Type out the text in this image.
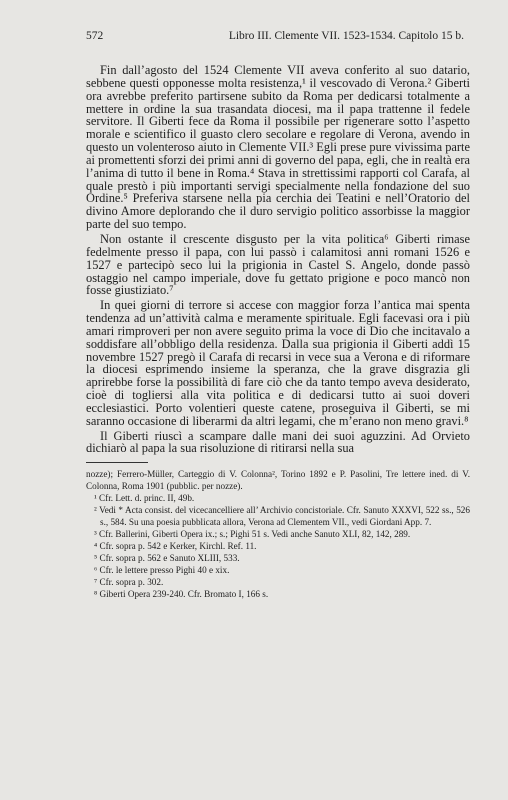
572	Libro III. Clemente VII. 1523-1534. Capitolo 15 b.

Fin dall’agosto del 1524 Clemente VII aveva conferito al suo datario, sebbene questi opponesse molta resistenza,¹ il vescovado di Verona.² Giberti ora avrebbe preferito partirsene subito da Roma per dedicarsi totalmente a mettere in ordine la sua trasandata diocesi, ma il papa trattenne il fedele servitore. Il Giberti fece da Roma il possibile per rigenerare sotto l’aspetto morale e scientifico il guasto clero secolare e regolare di Verona, avendo in questo un volenteroso aiuto in Clemente VII.³ Egli prese pure vivissima parte ai promettenti sforzi dei primi anni di governo del papa, egli, che in realtà era l’anima di tutto il bene in Roma.⁴ Stava in strettissimi rapporti col Carafa, al quale prestò i più importanti servigi specialmente nella fondazione del suo Ordine.⁵ Preferiva starsene nella pia cerchia dei Teatini e nell’Oratorio del divino Amore deplorando che il duro servigio politico assorbisse la maggior parte del suo tempo.

Non ostante il crescente disgusto per la vita politica⁶ Giberti rimase fedelmente presso il papa, con lui passò i calamitosi anni romani 1526 e 1527 e partecipò seco lui la prigionia in Castel S. Angelo, donde passò ostaggio nel campo imperiale, dove fu gettato prigione e poco mancò non fosse giustiziato.⁷

In quei giorni di terrore si accese con maggior forza l’antica mai spenta tendenza ad un’attività calma e meramente spirituale. Egli facevasi ora i più amari rimproveri per non avere seguito prima la voce di Dio che incitavalo a soddisfare all’obbligo della residenza. Dalla sua prigionia il Giberti addì 15 novembre 1527 pregò il Carafa di recarsi in vece sua a Verona e di riformare la diocesi esprimendo insieme la speranza, che la grave disgrazia gli aprirebbe forse la possibilità di fare ciò che da tanto tempo aveva desiderato, cioè di togliersi alla vita politica e di dedicarsi tutto ai suoi doveri ecclesiastici. Porto volentieri queste catene, proseguiva il Giberti, se mi saranno occasione di liberarmi da altri legami, che m’erano non meno gravi.⁸

Il Giberti riuscì a scampare dalle mani dei suoi aguzzini. Ad Orvieto dichiarò al papa la sua risoluzione di ritirarsi nella sua

nozze); Ferrero-Müller, Carteggio di V. Colonna², Torino 1892 e P. Pasolini, Tre lettere ined. di V. Colonna, Roma 1901 (pubblic. per nozze).

¹ Cfr. Lett. d. princ. II, 49b.

² Vedi * Acta consist. del vicecancelliere all’ Archivio concistoriale. Cfr. Sanuto XXXVI, 522 ss., 526 s., 584. Su una poesia pubblicata allora, Verona ad Clementem VII., vedi Giordani App. 7.

³ Cfr. Ballerini, Giberti Opera ix.; s.; Pighi 51 s. Vedi anche Sanuto XLI, 82, 142, 289.

⁴ Cfr. sopra p. 542 e Kerker, Kirchl. Ref. 11.

⁵ Cfr. sopra p. 562 e Sanuto XLIII, 533.

⁶ Cfr. le lettere presso Pighi 40 e xix.

⁷ Cfr. sopra p. 302.

⁸ Giberti Opera 239-240. Cfr. Bromato I, 166 s.
